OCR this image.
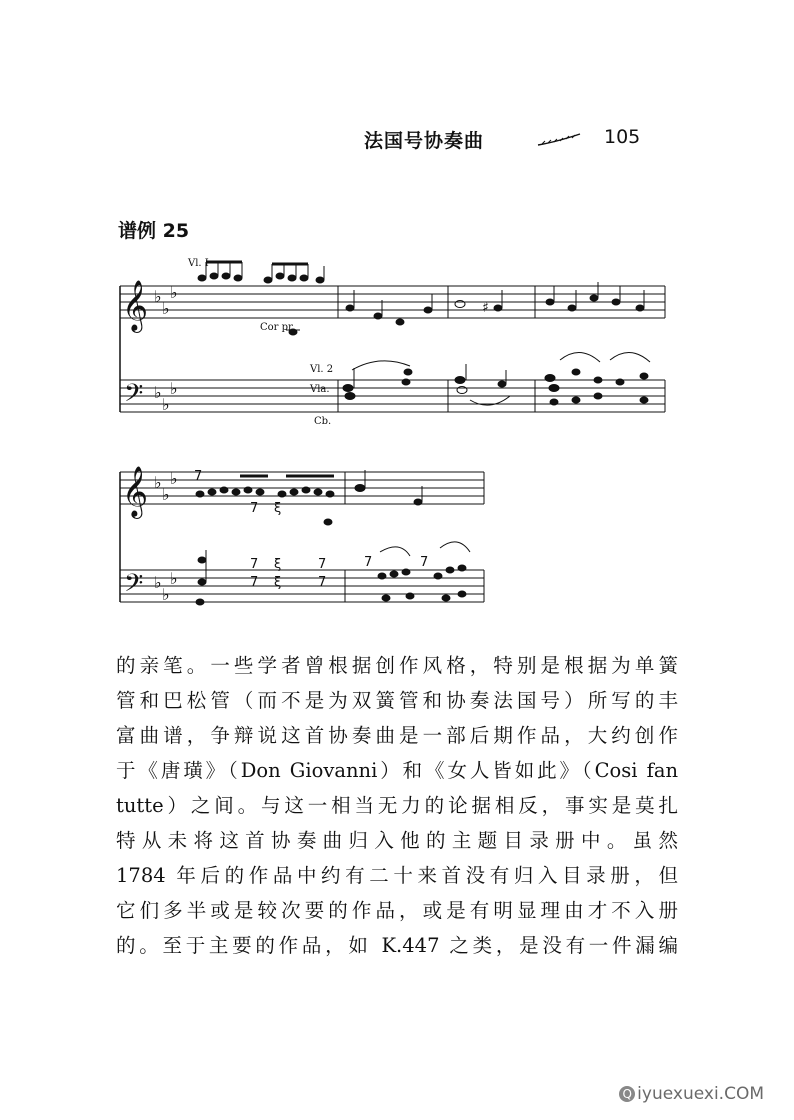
法国号协奏曲	105
谱例 25
𝄞
𝄢
𝄞
𝄢
♭
♭
♭
♭
♭
♭
♭
♭
♭
♭
♭
♭
♯
7
7 ξ
7 ξ	7
7 ξ	7
7	7
Vl. I
Cor pr
Vl. 2
Vla.
Cb.
的亲笔。一些学者曾根据创作风格，特别是根据为单簧
管和巴松管（而不是为双簧管和协奏法国号）所写的丰
富曲谱，争辩说这首协奏曲是一部后期作品，大约创作
于《唐璜》（Don Giovanni）和《女人皆如此》（Cosi fan
tutte）之间。与这一相当无力的论据相反，事实是莫扎
特从未将这首协奏曲归入他的主题目录册中。虽然
1784 年后的作品中约有二十来首没有归入目录册，但
它们多半或是较次要的作品，或是有明显理由才不入册
的。至于主要的作品，如 K.447 之类，是没有一件漏编
Q iyuexuexi.COM
